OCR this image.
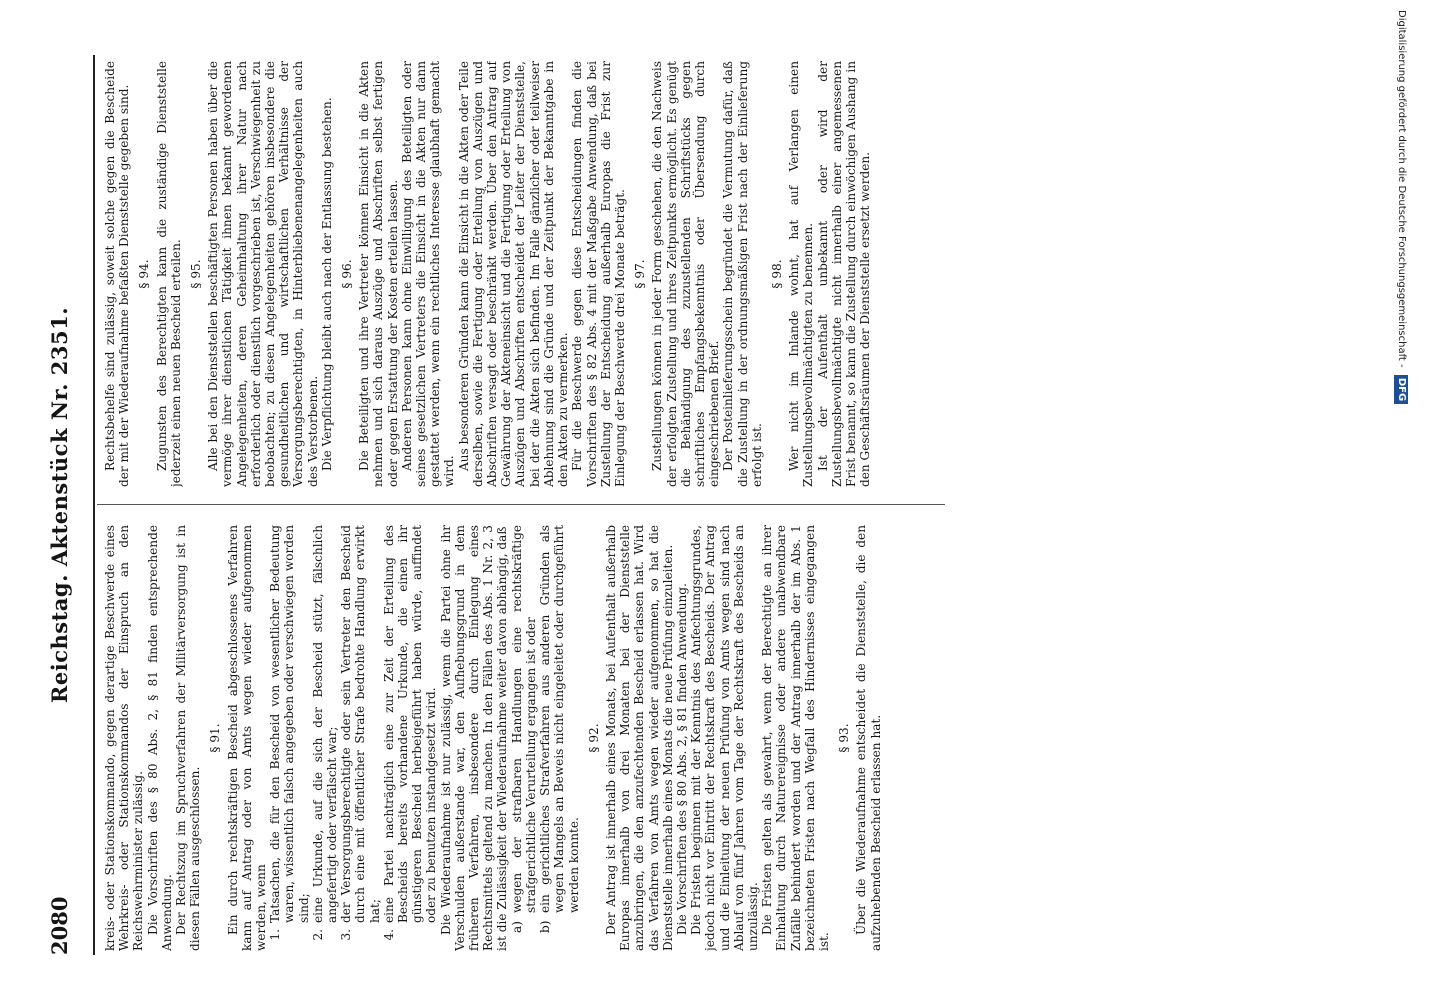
2080
Reichstag. Aktenstück Nr. 2351.

kreis- oder Stationskommando, gegen derartige Beschwerde eines Wehrkreis- oder Stationskommandos der Einspruch an den Reichswehrminister zulässig. Die Vorschriften des § 80 Abs. 2, § 81 finden entsprechende Anwendung. Der Rechtszug im Spruchverfahren der Militärversorgung ist in diesen Fällen ausgeschlossen.

§ 91. Ein durch rechtskräftigen Bescheid abgeschlossenes Verfahren kann auf Antrag oder von Amts wegen wieder aufgenommen werden, wenn 1.
Tatsachen, die für den Bescheid von wesentlicher Bedeutung waren, wissentlich falsch angegeben oder verschwiegen worden sind;
2.
eine Urkunde, auf die sich der Bescheid stützt, fälschlich angefertigt oder verfälscht war;
3.
der Versorgungsberechtigte oder sein Vertreter den Bescheid durch eine mit öffentlicher Strafe bedrohte Handlung erwirkt hat;
4.
eine Partei nachträglich eine zur Zeit der Erteilung des Bescheids bereits vorhandene Urkunde, die einen ihr günstigeren Bescheid herbeigeführt haben würde, auffindet oder zu benutzen instandgesetzt wird. Die Wiederaufnahme ist nur zulässig, wenn die Partei ohne ihr Verschulden außerstande war, den Aufhebungsgrund in dem früheren Verfahren, insbesondere durch Einlegung eines Rechtsmittels geltend zu machen. In den Fällen des Abs. 1 Nr. 2, 3 ist die Zulässigkeit der Wiederaufnahme weiter davon abhängig, daß a)
wegen der strafbaren Handlungen eine rechtskräftige strafgerichtliche Verurteilung ergangen ist oder
b)
ein gerichtliches Strafverfahren aus anderen Gründen als wegen Mangels an Beweis nicht eingeleitet oder durchgeführt werden konnte.

§ 92. Der Antrag ist innerhalb eines Monats, bei Aufenthalt außerhalb Europas innerhalb von drei Monaten bei der Dienststelle anzubringen, die den anzufechtenden Bescheid erlassen hat. Wird das Verfahren von Amts wegen wieder aufgenommen, so hat die Dienststelle innerhalb eines Monats die neue Prüfung einzuleiten. Die Vorschriften des § 80 Abs. 2, § 81 finden Anwendung. Die Fristen beginnen mit der Kenntnis des Anfechtungsgrundes, jedoch nicht vor Eintritt der Rechtskraft des Bescheids. Der Antrag und die Einleitung der neuen Prüfung von Amts wegen sind nach Ablauf von fünf Jahren vom Tage der Rechtskraft des Bescheids an unzulässig. Die Fristen gelten als gewahrt, wenn der Berechtigte an ihrer Einhaltung durch Naturereignisse oder andere unabwendbare Zufälle behindert worden und der Antrag innerhalb der im Abs. 1 bezeichneten Fristen nach Wegfall des Hindernisses eingegangen ist.

§ 93. Über die Wiederaufnahme entscheidet die Dienststelle, die den aufzuhebenden Bescheid erlassen hat.

Rechtsbehelfe sind zulässig, soweit solche gegen die Bescheide der mit der Wiederaufnahme befaßten Dienststelle gegeben sind. § 94. Zugunsten des Berechtigten kann die zuständige Dienststelle jederzeit einen neuen Bescheid erteilen. § 95. Alle bei den Dienststellen beschäftigten Personen haben über die vermöge ihrer dienstlichen Tätigkeit ihnen bekannt gewordenen Angelegenheiten, deren Geheimhaltung ihrer Natur nach erforderlich oder dienstlich vorgeschrieben ist, Verschwiegenheit zu beobachten; zu diesen Angelegenheiten gehören insbesondere die gesundheitlichen und wirtschaftlichen Verhältnisse der Versorgungsberechtigten, in Hinterbliebenenangelegenheiten auch des Verstorbenen. Die Verpflichtung bleibt auch nach der Entlassung bestehen. § 96. Die Beteiligten und ihre Vertreter können Einsicht in die Akten nehmen und sich daraus Auszüge und Abschriften selbst fertigen oder gegen Erstattung der Kosten erteilen lassen. Anderen Personen kann ohne Einwilligung des Beteiligten oder seines gesetzlichen Vertreters die Einsicht in die Akten nur dann gestattet werden, wenn ein rechtliches Interesse glaubhaft gemacht wird.

Aus besonderen Gründen kann die Einsicht in die Akten oder Teile derselben, sowie die Fertigung oder Erteilung von Auszügen und Abschriften versagt oder beschränkt werden. Über den Antrag auf Gewährung der Akteneinsicht und die Fertigung oder Erteilung von Auszügen und Abschriften entscheidet der Leiter der Dienststelle, bei der die Akten sich befinden. Im Falle gänzlicher oder teilweiser Ablehnung sind die Gründe und der Zeitpunkt der Bekanntgabe in den Akten zu vermerken. Für die Beschwerde gegen diese Entscheidungen finden die Vorschriften des § 82 Abs. 4 mit der Maßgabe Anwendung, daß bei Zustellung der Entscheidung außerhalb Europas die Frist zur Einlegung der Beschwerde drei Monate beträgt. § 97. Zustellungen können in jeder Form geschehen, die den Nachweis der erfolgten Zustellung und ihres Zeitpunkts ermöglicht. Es genügt die Behändigung des zuzustellenden Schriftstücks gegen schriftliches Empfangsbekenntnis oder Übersendung durch eingeschriebenen Brief. Der Posteinlieferungsschein begründet die Vermutung dafür, daß die Zustellung in der ordnungsmäßigen Frist nach der Einlieferung erfolgt ist.

§ 98. Wer nicht im Inlande wohnt, hat auf Verlangen einen Zustellungsbevollmächtigten zu benennen. Ist der Aufenthalt unbekannt oder wird der Zustellungsbevollmächtigte nicht innerhalb einer angemessenen Frist benannt, so kann die Zustellung durch einwöchigen Aushang in den Geschäftsräumen der Dienststelle ersetzt werden.	Digitalisierung gefördert durch die Deutsche Forschungsgemeinschaft - DFG
